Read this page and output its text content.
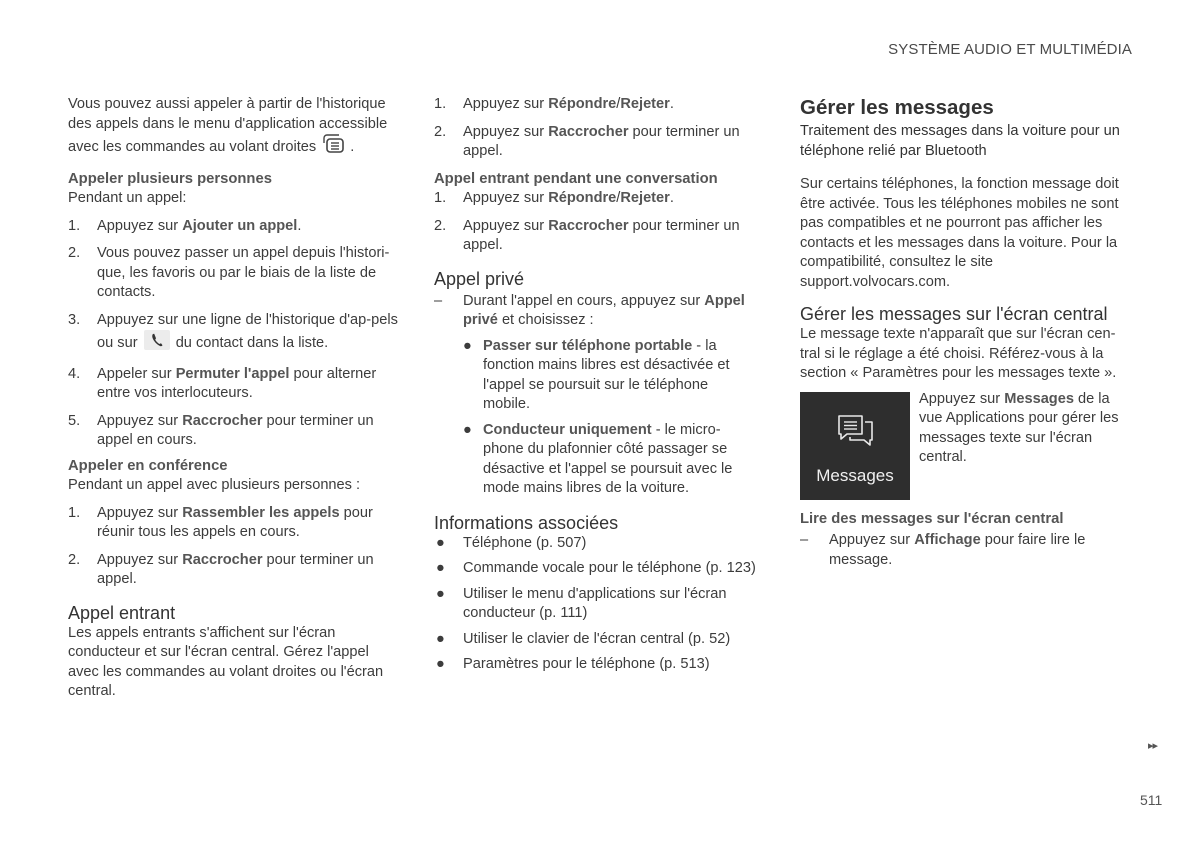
SYSTÈME AUDIO ET MULTIMÉDIA

Vous pouvez aussi appeler à partir de l'historique des appels dans le menu d'application accessible avec les commandes au volant droites .

Appeler plusieurs personnes

Pendant un appel:

1. Appuyez sur Ajouter un appel.
2. Vous pouvez passer un appel depuis l'histori-que, les favoris ou par le biais de la liste de contacts.
3. Appuyez sur une ligne de l'historique d'ap-pels ou sur	du contact dans la liste.
4. Appeler sur Permuter l'appel pour alterner entre vos interlocuteurs.
5. Appuyez sur Raccrocher pour terminer un appel en cours.
Appeler en conférence

Pendant un appel avec plusieurs personnes :

1. Appuyez sur Rassembler les appels pour réunir tous les appels en cours.
2. Appuyez sur Raccrocher pour terminer un appel.
Appel entrant

Les appels entrants s'affichent sur l'écran conducteur et sur l'écran central. Gérez l'appel avec les commandes au volant droites ou l'écran central.

1. Appuyez sur Répondre/Rejeter.
2. Appuyez sur Raccrocher pour terminer un appel.
Appel entrant pendant une conversation
1. Appuyez sur Répondre/Rejeter.
2. Appuyez sur Raccrocher pour terminer un appel.
Appel privé
– Durant l'appel en cours, appuyez sur Appel privé et choisissez :
● Passer sur téléphone portable - la fonction mains libres est désactivée et l'appel se poursuit sur le téléphone mobile.
● Conducteur uniquement - le micro-phone du plafonnier côté passager se désactive et l'appel se poursuit avec le mode mains libres de la voiture.
Informations associées
● Téléphone (p. 507)
● Commande vocale pour le téléphone (p. 123)
● Utiliser le menu d'applications sur l'écran conducteur (p. 111)
● Utiliser le clavier de l'écran central (p. 52)
● Paramètres pour le téléphone (p. 513)
Gérer les messages

Traitement des messages dans la voiture pour un téléphone relié par Bluetooth

Sur certains téléphones, la fonction message doit être activée. Tous les téléphones mobiles ne sont pas compatibles et ne pourront pas afficher les contacts et les messages dans la voiture. Pour la compatibilité, consultez le site support.volvocars.com.

Gérer les messages sur l'écran central

Le message texte n'apparaît que sur l'écran cen-tral si le réglage a été choisi. Référez-vous à la section « Paramètres pour les messages texte ».

Messages

Appuyez sur Messages de la vue Applications pour gérer les messages texte sur l'écran central.

Lire des messages sur l'écran central
– Appuyez sur Affichage pour faire lire le message.
▸▸
511
